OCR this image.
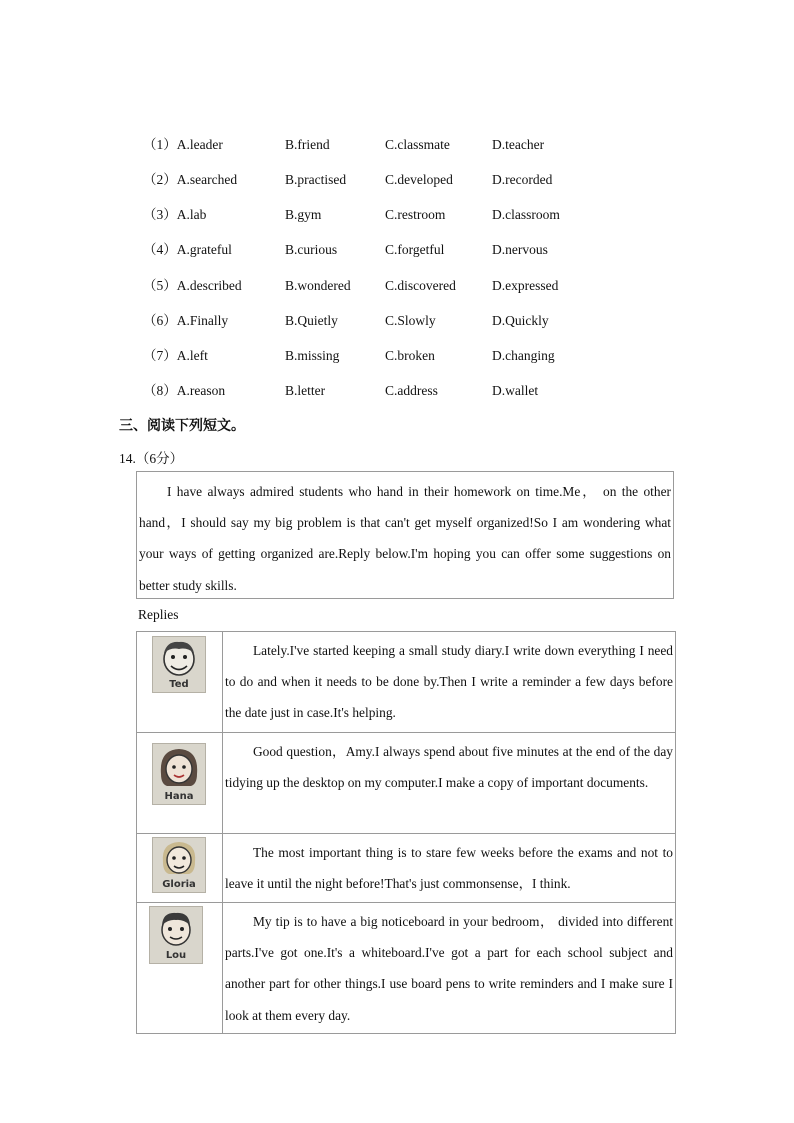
（1）A.leader	B.friend	C.classmate	D.teacher
（2）A.searched	B.practised	C.developed	D.recorded
（3）A.lab	B.gym	C.restroom	D.classroom
（4）A.grateful	B.curious	C.forgetful	D.nervous
（5）A.described	B.wondered	C.discovered	D.expressed
（6）A.Finally	B.Quietly	C.Slowly	D.Quickly
（7）A.left	B.missing	C.broken	D.changing
（8）A.reason	B.letter	C.address	D.wallet
三、阅读下列短文。
14.（6分）

I have always admired students who hand in their homework on time.Me， on the other hand，I should say my big problem is that can't get myself organized!So I am wondering what your ways of getting organized are.Reply below.I'm hoping you can offer some suggestions on better study skills.

Replies
Ted	Lately.I've started keeping a small study diary.I write down everything I need to do and when it needs to be done by.Then I write a reminder a few days before the date just in case.It's helping.

Hana	Good question，Amy.I always spend about five minutes at the end of the day tidying up the desktop on my computer.I make a copy of important documents.

Gloria	The most important thing is to stare few weeks before the exams and not to leave it until the night before!That's just commonsense，I think.

Lou	My tip is to have a big noticeboard in your bedroom， divided into different parts.I've got one.It's a whiteboard.I've got a part for each school subject and another part for other things.I use board pens to write reminders and I make sure I look at them every day.
